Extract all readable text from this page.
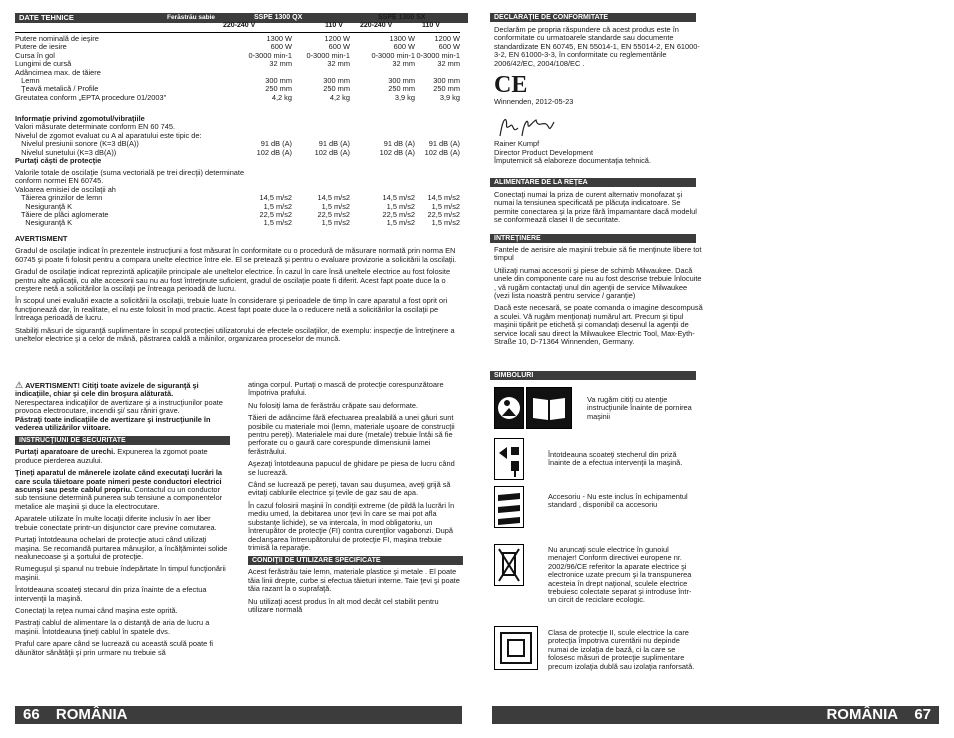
DATE TEHNICE	Ferăstrău sabie	SSPE 1300 QX	SSPE 1300 SX
220-240 V	110 V 220-240 V	110 V
Putere nominală de ieşire	1300 W	1200 W	1300 W	1200 W
Putere de iesire	600 W	600 W	600 W	600 W
Cursa în gol	0-3000 min-1 0-3000 min-1	0-3000 min-1 0-3000 min-1
Lungimi de cursă	32 mm	32 mm	32 mm	32 mm
Adâncimea max. de tăiere
Lemn	300 mm	300 mm	300 mm 300 mm
Ţeavă metalică / Profile	250 mm	250 mm	250 mm 250 mm
Greutatea conform „EPTA procedure 01/2003"	4,2 kg	4,2 kg	3,9 kg	3,9 kg
Informaţie privind zgomotul/vibraţiile
Valori măsurate determinate conform EN 60 745.
Nivelul de zgomot evaluat cu A al aparatului este tipic de:
Nivelul presiunii sonore (K=3 dB(A))	91 dB (A)	91 dB (A)	91 dB (A) 91 dB (A)
Nivelul sunetului (K=3 dB(A))	102 dB (A)	102 dB (A)	102 dB (A) 102 dB (A)
Purtaţi căşti de protecţie
Valorile totale de oscilaţie (suma vectorială pe trei direcţii) determinate conform normei EN 60745.
Valoarea emisiei de oscilaţii ah
Tăierea grinzilor de lemn	14,5 m/s2	14,5 m/s2	14,5 m/s2 14,5 m/s2
Nesiguranţă K	1,5 m/s2	1,5 m/s2	1,5 m/s2 1,5 m/s2
Tăiere de plăci aglomerate	22,5 m/s2	22,5 m/s2	22,5 m/s2 22,5 m/s2
Nesiguranţă K	1,5 m/s2	1,5 m/s2	1,5 m/s2 1,5 m/s2

AVERTISMENT

Gradul de oscilaţie indicat în prezentele instrucţiuni a fost măsurat în conformitate cu o procedură de măsurare normată prin norma EN 60745 şi poate fi folosit pentru a compara unelte electrice între ele. El se pretează şi pentru o evaluare provizorie a solicitării la oscilaţii.

Gradul de oscilaţie indicat reprezintă aplicaţiile principale ale uneltelor electrice. În cazul în care însă uneltele electrice au fost folosite pentru alte aplicaţii, cu alte accesorii sau nu au fost întreţinute suficient, gradul de oscilaţie poate fi diferit. Acest fapt poate duce la o creştere netă a solicitărilor la oscilaţii pe întreaga perioadă de lucru.

În scopul unei evaluări exacte a solicitării la oscilaţii, trebuie luate în considerare şi perioadele de timp în care aparatul a fost oprit ori funcţionează dar, în realitate, el nu este folosit în mod practic. Acest fapt poate duce la o reducere netă a solicitărilor la oscilaţii pe întreaga perioadă de lucru.

Stabiliţi măsuri de siguranţă suplimentare în scopul protecţiei utilizatorului de efectele oscilaţiilor, de exemplu: inspecţie de întreţinere a uneltelor electrice şi a celor de mână, păstrarea caldă a mâinilor, organizarea proceselor de muncă.

⚠ AVERTISMENT! Citiţi toate avizele de siguranţă şi indicaţiile, chiar şi cele din broşura alăturată.
Nerespectarea indicaţiilor de avertizare şi a instrucţiunilor poate provoca electrocutare, incendii şi/ sau răniri grave.
Păstraţi toate indicaţiile de avertizare şi instrucţiunile în vederea utilizărilor viitoare.

INSTRUCŢIUNI DE SECURITATE

Purtaţi aparatoare de urechi. Expunerea la zgomot poate produce pierderea auzului.

Ţineţi aparatul de mânerele izolate când executaţi lucrări la care scula tăietoare poate nimeri peste conductori electrici ascunşi sau peste cablul propriu. Contactul cu un conductor sub tensiune determină punerea sub tensiune a componentelor metalice ale maşinii şi duce la electrocutare.

Aparatele utilizate în multe locaţii diferite inclusiv în aer liber trebuie conectate printr-un disjunctor care previne comutarea.

Purtaţi întotdeauna ochelari de protecţie atuci când utilizaţi maşina. Se recomandă purtarea mânuşilor, a încălţămintei solide nealunecoase şi a şortului de protecţie.

Rumeguşul şi spanul nu trebuie îndepărtate în timpul funcţionării maşinii.

Întotdeauna scoateţi stecarul din priza înainte de a efectua intervenţii la maşină.

Conectaţi la reţea numai când maşina este oprită.

Pastraţi cablul de alimentare la o distanţă de aria de lucru a maşinii. Întotdeauna ţineţi cablul în spatele dvs.

Praful care apare când se lucrează cu această sculă poate fi dăunător sănătăţii şi prin urmare nu trebuie să

atinga corpul. Purtaţi o mască de protecţie corespunzătoare împotriva prafului.

Nu folosiţi lama de ferăstrău crăpate sau deformate.

Tăieri de adâncime fără efectuarea prealabilă a unei găuri sunt posibile cu materiale moi (lemn, materiale uşoare de construcţii pentru pereţi). Materialele mai dure (metale) trebuie întâi să fie perforate cu o gaură care corespunde dimensiunii lamei ferăstrăului.

Aşezaţi întotdeauna papucul de ghidare pe piesa de lucru când se lucrează.

Când se lucrează pe pereţi, tavan sau duşumea, aveţi grijă să evitaţi cablurile electrice şi ţevile de gaz sau de apa.

În cazul folosirii maşinii în condiţii extreme (de pildă la lucrări în mediu umed, la debitarea unor ţevi în care se mai pot afla substanţe lichide), se va intercala, în mod obligatoriu, un întrerupător de protecţie (FI) contra curenţilor vagabonzi. După declanşarea întrerupătorului de protecţie FI, maşina trebuie trimisă la reparaţie.

CONDIŢII DE UTILIZARE SPECIFICATE

Acest ferăstrău taie lemn, materiale plastice şi metale . El poate tăia linii drepte, curbe si efectua tăieturi interne. Taie ţevi şi poate tăia razant la o suprafaţă.

Nu utilizaţi acest produs în alt mod decât cel stabilit pentru utilizare normală

66 ROMÂNIA
DECLARAŢIE DE CONFORMITATE

Declarăm pe propria răspundere că acest produs este în conformitate cu urmatoarele standarde sau documente standardizate EN 60745, EN 55014-1, EN 55014-2, EN 61000-3-2, EN 61000-3-3, în conformitate cu reglementările 2006/42/EC, 2004/108/EC .

CE

Winnenden, 2012-05-23

Rainer Kumpf
Director Product Development
Împuternicit să elaboreze documentaţia tehnică.
ALIMENTARE DE LA REŢEA
Conectaţi numai la priza de curent alternativ monofazat şi numai la tensiunea specificată pe plăcuţa indicatoare. Se permite conectarea şi la prize fără împamantare dacă modelul se conformează clasei II de securitate.
INTREŢINERE

Fantele de aerisire ale maşinii trebuie să fie menţinute libere tot timpul

Utilizaţi numai accesorii şi piese de schimb Milwaukee. Dacă unele din componente care nu au fost descrise trebuie înlocuite , vă rugăm contactaţi unul din agenţii de service Milwaukee (vezi lista noastră pentru service / garanţie)

Dacă este necesară, se poate comanda o imagine descompusă a sculei. Vă rugăm menţionaţi numărul art. Precum şi tipul maşinii tipărit pe etichetă şi comandaţi desenul la agenţii de service locali sau direct la Milwaukee Electric Tool, Max-Eyth-Straße 10, D-71364 Winnenden, Germany.

SIMBOLURI
Va rugăm citiţi cu atenţie instrucţiunile înainte de pornirea maşinii
Întotdeauna scoateţi stecherul din priză înainte de a efectua intervenţii la maşină.
Accesoriu - Nu este inclus în echipamentul standard , disponibil ca accesoriu
Nu aruncaţi scule electrice în gunoiul menajer! Conform directivei europene nr. 2002/96/CE referitor la aparate electrice şi electronice uzate precum şi la transpunerea acesteia în drept naţional, sculele electrice trebuiesc colectate separat şi introduse într-un circit de reciclare ecologic.
Clasa de protecţie II, scule electrice la care protecţia împotriva curentării nu depinde numai de izolaţia de bază, ci la care se folosesc măsuri de protecţie suplimentare precum izolaţia dublă sau izolaţia ranforsată.
ROMÂNIA 67
